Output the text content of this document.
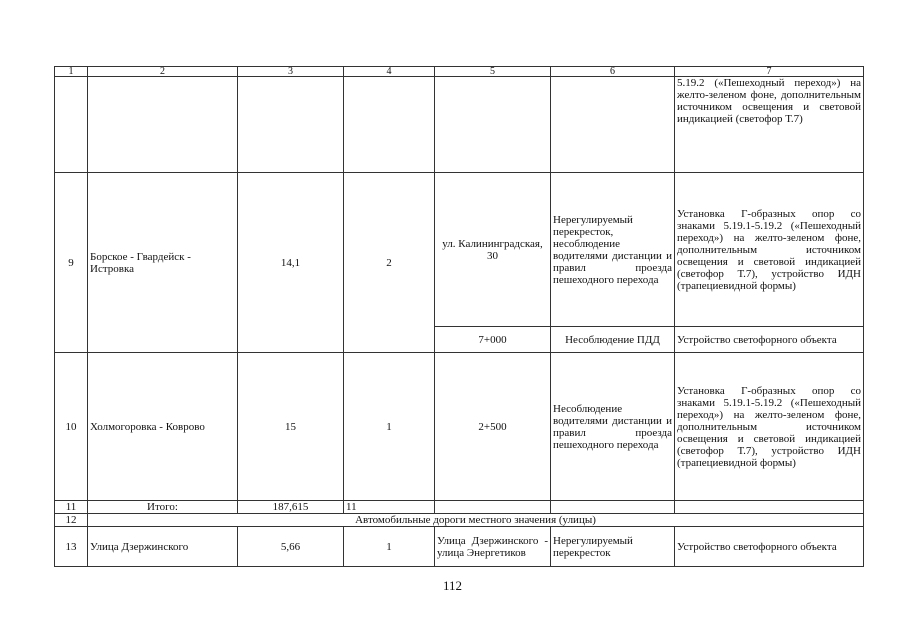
1	2	3	4	5	6	7
						5.19.2 («Пешеходный переход») на желто-зеленом фоне, дополнительным источником освещения и световой индикацией (светофор Т.7)
9	Борское - Гвардейск - Истровка	14,1	2	ул. Калининградская, 30	Нерегулируемый перекресток, несоблюдение водителями дистанции и правил проезда пешеходного перехода	Установка Г-образных опор со знаками 5.19.1-5.19.2 («Пешеходный переход») на желто-зеленом фоне, дополнительным источником освещения и световой индикацией (светофор Т.7), устройство ИДН (трапециевидной формы)
				7+000	Несоблюдение ПДД	Устройство светофорного объекта
10	Холмогоровка - Коврово	15	1	2+500	Несоблюдение водителями дистанции и правил проезда пешеходного перехода	Установка Г-образных опор со знаками 5.19.1-5.19.2 («Пешеходный переход») на желто-зеленом фоне, дополнительным источником освещения и световой индикацией (светофор Т.7), устройство ИДН (трапециевидной формы)
11	Итого:	187,615	11			
12	Автомобильные дороги местного значения (улицы)					
13	Улица Дзержинского	5,66	1	Улица Дзержинского - улица Энергетиков	Нерегулируемый перекресток	Устройство светофорного объекта
112
